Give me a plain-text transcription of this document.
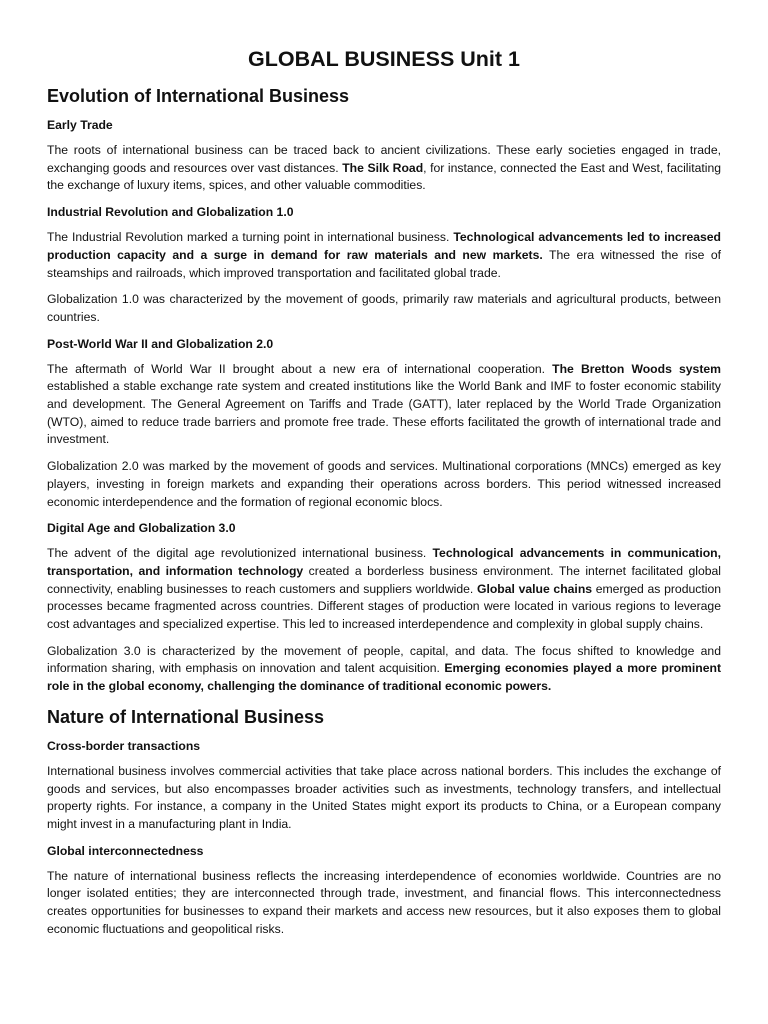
GLOBAL BUSINESS Unit 1
Evolution of International Business
Early Trade

The roots of international business can be traced back to ancient civilizations. These early societies engaged in trade, exchanging goods and resources over vast distances. The Silk Road, for instance, connected the East and West, facilitating the exchange of luxury items, spices, and other valuable commodities.

Industrial Revolution and Globalization 1.0

The Industrial Revolution marked a turning point in international business. Technological advancements led to increased production capacity and a surge in demand for raw materials and new markets. The era witnessed the rise of steamships and railroads, which improved transportation and facilitated global trade.

Globalization 1.0 was characterized by the movement of goods, primarily raw materials and agricultural products, between countries.

Post-World War II and Globalization 2.0

The aftermath of World War II brought about a new era of international cooperation. The Bretton Woods system established a stable exchange rate system and created institutions like the World Bank and IMF to foster economic stability and development. The General Agreement on Tariffs and Trade (GATT), later replaced by the World Trade Organization (WTO), aimed to reduce trade barriers and promote free trade. These efforts facilitated the growth of international trade and investment.

Globalization 2.0 was marked by the movement of goods and services. Multinational corporations (MNCs) emerged as key players, investing in foreign markets and expanding their operations across borders. This period witnessed increased economic interdependence and the formation of regional economic blocs.

Digital Age and Globalization 3.0

The advent of the digital age revolutionized international business. Technological advancements in communication, transportation, and information technology created a borderless business environment. The internet facilitated global connectivity, enabling businesses to reach customers and suppliers worldwide. Global value chains emerged as production processes became fragmented across countries. Different stages of production were located in various regions to leverage cost advantages and specialized expertise. This led to increased interdependence and complexity in global supply chains.

Globalization 3.0 is characterized by the movement of people, capital, and data. The focus shifted to knowledge and information sharing, with emphasis on innovation and talent acquisition. Emerging economies played a more prominent role in the global economy, challenging the dominance of traditional economic powers.

Nature of International Business
Cross-border transactions

International business involves commercial activities that take place across national borders. This includes the exchange of goods and services, but also encompasses broader activities such as investments, technology transfers, and intellectual property rights. For instance, a company in the United States might export its products to China, or a European company might invest in a manufacturing plant in India.

Global interconnectedness

The nature of international business reflects the increasing interdependence of economies worldwide. Countries are no longer isolated entities; they are interconnected through trade, investment, and financial flows. This interconnectedness creates opportunities for businesses to expand their markets and access new resources, but it also exposes them to global economic fluctuations and geopolitical risks.
